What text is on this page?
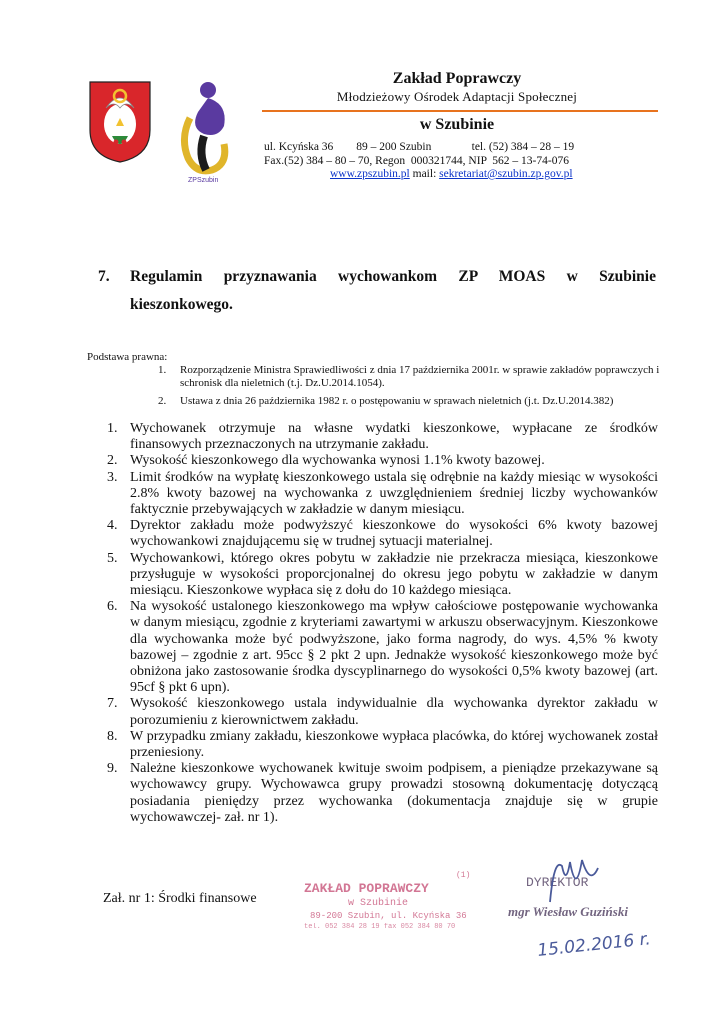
ZPSzubin
Zakład Poprawczy
Młodzieżowy Ośrodek Adaptacji Społecznej
w Szubinie
ul. Kcyńska 36        89 – 200 Szubin              tel. (52) 384 – 28 – 19
Fax.(52) 384 – 80 – 70, Regon  000321744, NIP  562 – 13-74-076
www.zpszubin.pl mail: sekretariat@szubin.zp.gov.pl
7. Regulamin przyznawania wychowankom ZP MOAS w Szubinie
kieszonkowego.
Podstawa prawna:
1. Rozporządzenie Ministra Sprawiedliwości z dnia 17 października 2001r. w sprawie zakładów poprawczych i schronisk dla nieletnich (t.j. Dz.U.2014.1054).
2. Ustawa z dnia 26 października 1982 r. o postępowaniu w sprawach nieletnich (j.t. Dz.U.2014.382)
1. Wychowanek otrzymuje na własne wydatki kieszonkowe, wypłacane ze środków finansowych przeznaczonych na utrzymanie zakładu.
2. Wysokość kieszonkowego dla wychowanka wynosi 1.1% kwoty bazowej.
3. Limit środków na wypłatę kieszonkowego ustala się odrębnie na każdy miesiąc w wysokości 2.8% kwoty bazowej na wychowanka z uwzględnieniem średniej liczby wychowanków faktycznie przebywających w zakładzie w danym miesiącu.
4. Dyrektor zakładu może podwyższyć kieszonkowe do wysokości 6% kwoty bazowej wychowankowi znajdującemu się w trudnej sytuacji materialnej.
5. Wychowankowi, którego okres pobytu w zakładzie nie przekracza miesiąca, kieszonkowe przysługuje w wysokości proporcjonalnej do okresu jego pobytu w zakładzie w danym miesiącu. Kieszonkowe wypłaca się z dołu do 10 każdego miesiąca.
6. Na wysokość ustalonego kieszonkowego ma wpływ całościowe postępowanie wychowanka w danym miesiącu, zgodnie z kryteriami zawartymi w arkuszu obserwacyjnym. Kieszonkowe dla wychowanka może być podwyższone, jako forma nagrody, do wys. 4,5% % kwoty bazowej – zgodnie z art. 95cc § 2 pkt 2 upn. Jednakże wysokość kieszonkowego może być obniżona jako zastosowanie środka dyscyplinarnego do wysokości 0,5% kwoty bazowej (art. 95cf § pkt 6 upn).
7. Wysokość kieszonkowego ustala indywidualnie dla wychowanka dyrektor zakładu w porozumieniu z kierownictwem zakładu.
8. W przypadku zmiany zakładu, kieszonkowe wypłaca placówka, do której wychowanek został przeniesiony.
9. Należne kieszonkowe wychowanek kwituje swoim podpisem, a pieniądze przekazywane są wychowawcy grupy. Wychowawca grupy prowadzi stosowną dokumentację dotyczącą posiadania pieniędzy przez wychowanka (dokumentacja znajduje się w grupie wychowawczej- zał. nr 1).
Zał. nr 1: Środki finansowe
(1)
ZAKŁAD POPRAWCZY
w Szubinie
89-200 Szubin, ul. Kcyńska 36
tel. 052 384 28 19 fax 052 384 80 70
DYREKTOR
mgr Wiesław Guziński
15.02.2016 r.
